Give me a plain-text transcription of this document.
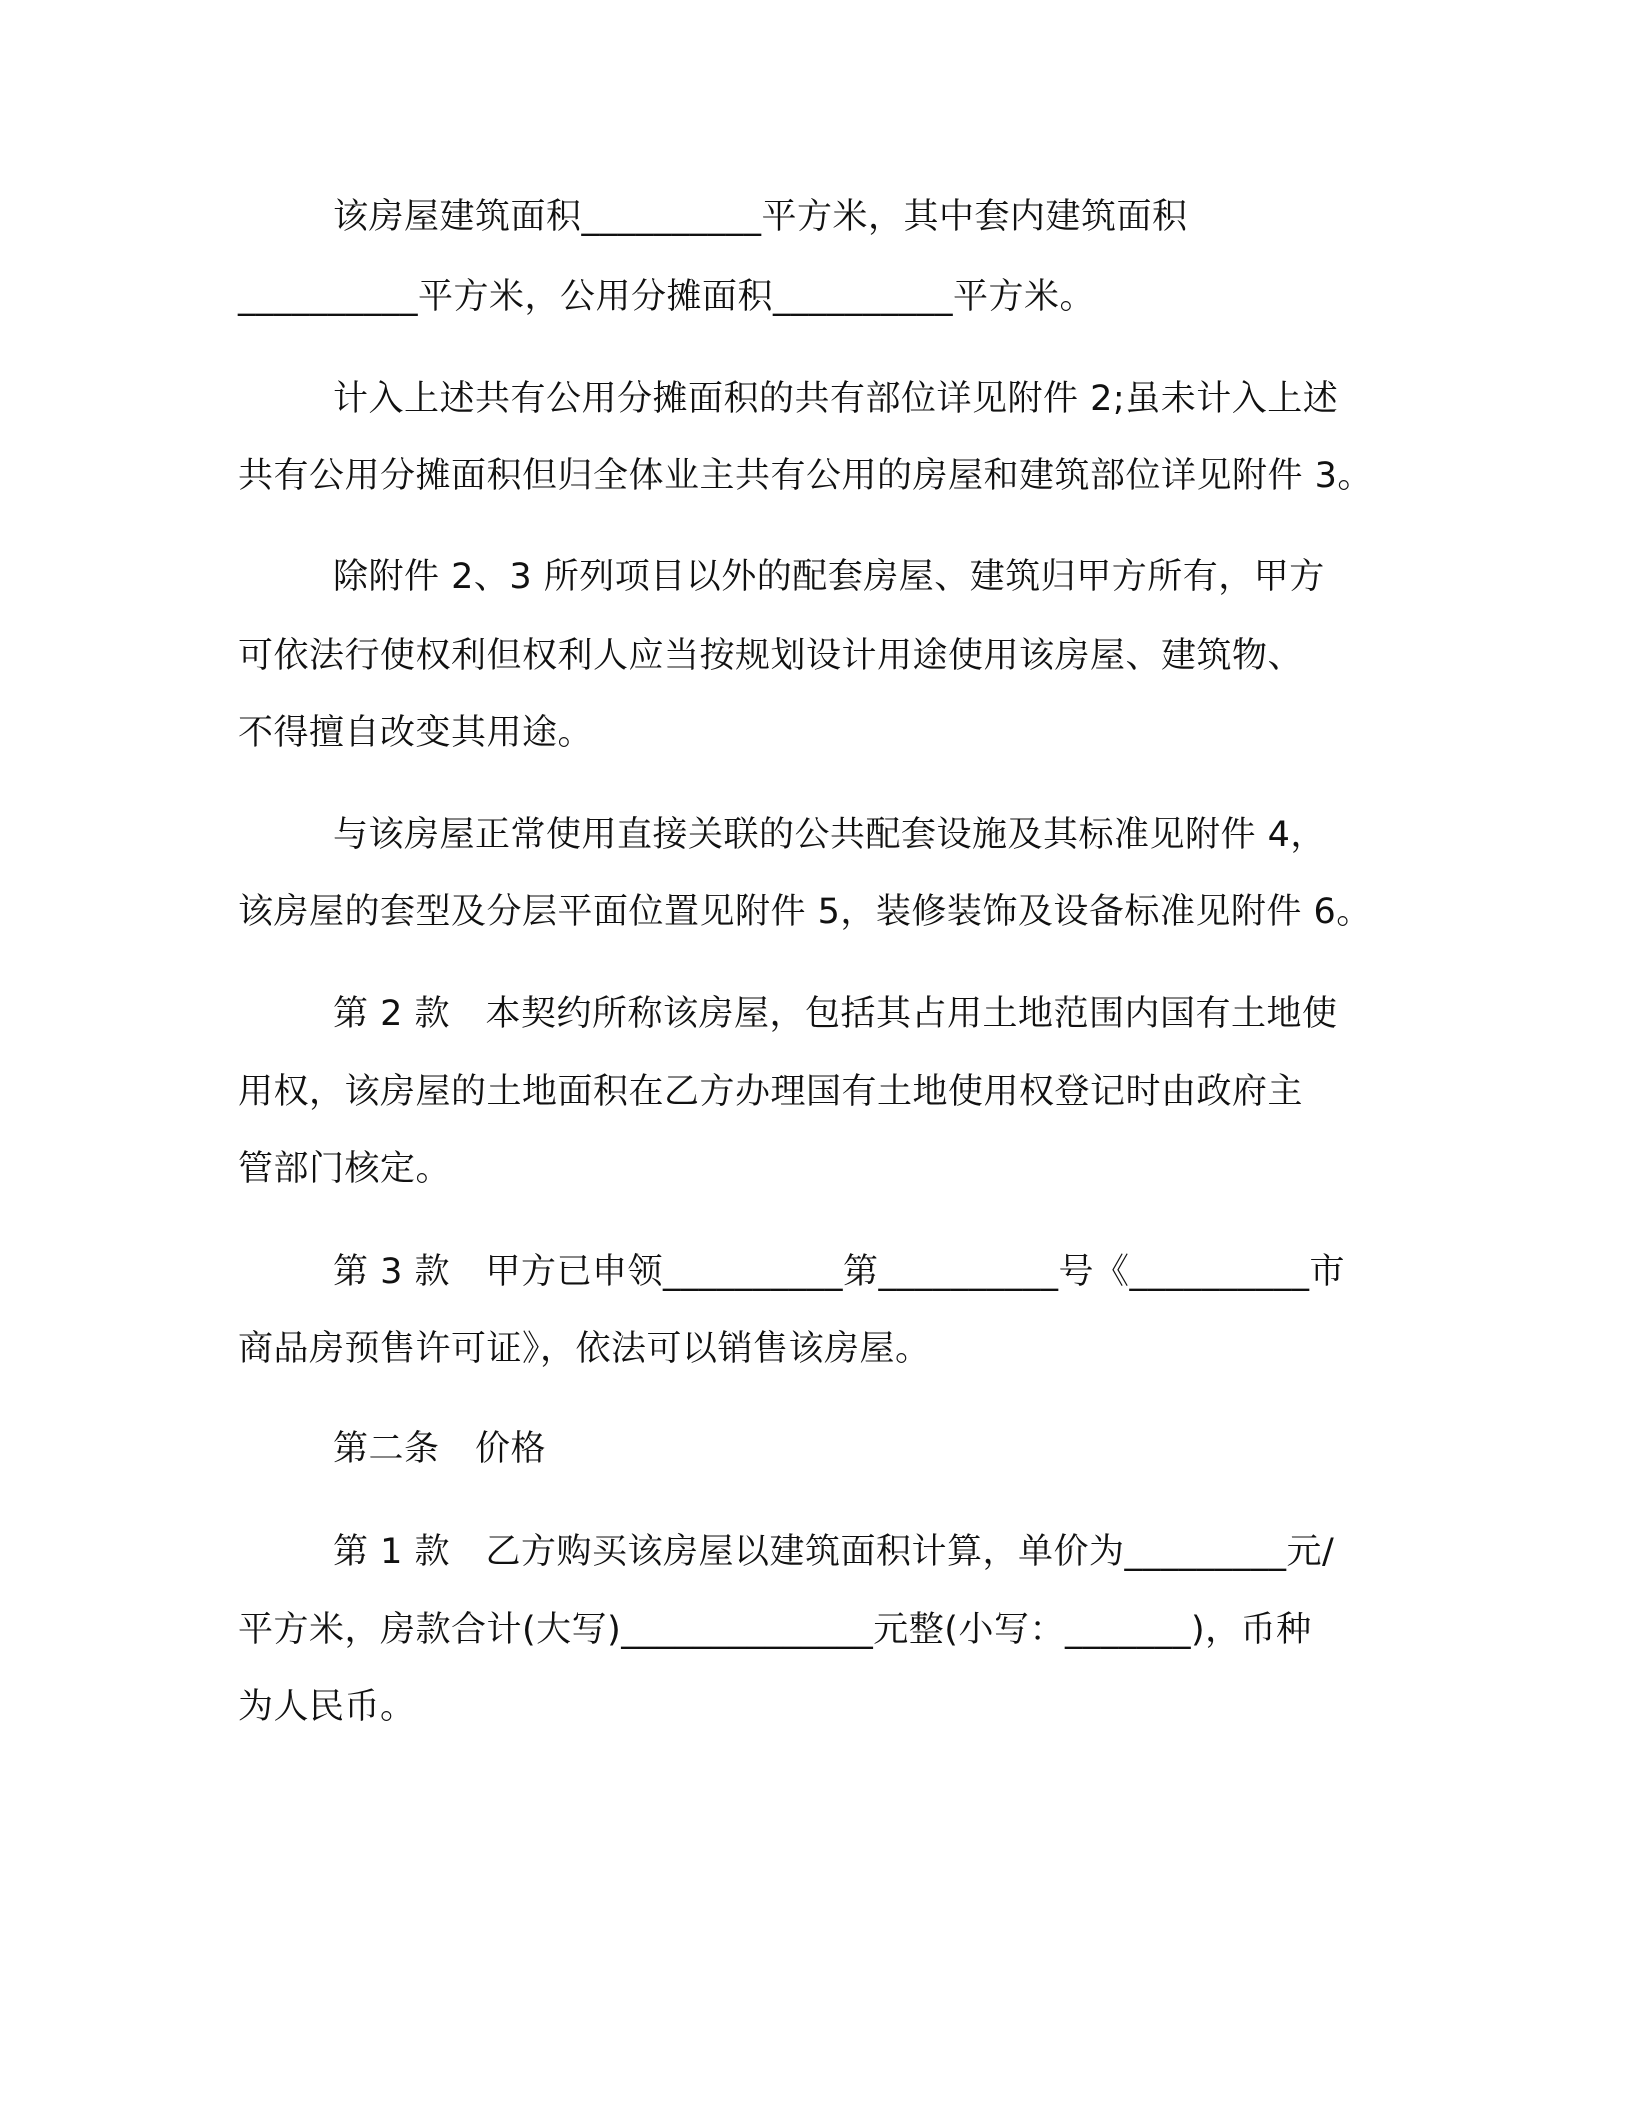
该房屋建筑面积__________平方米，其中套内建筑面积
__________平方米，公用分摊面积__________平方米。
计入上述共有公用分摊面积的共有部位详见附件 2;虽未计入上述
共有公用分摊面积但归全体业主共有公用的房屋和建筑部位详见附件 3。
除附件 2、3 所列项目以外的配套房屋、建筑归甲方所有，甲方
可依法行使权利但权利人应当按规划设计用途使用该房屋、建筑物、
不得擅自改变其用途。
与该房屋正常使用直接关联的公共配套设施及其标准见附件 4，
该房屋的套型及分层平面位置见附件 5，装修装饰及设备标准见附件 6。
第 2 款　本契约所称该房屋，包括其占用土地范围内国有土地使
用权，该房屋的土地面积在乙方办理国有土地使用权登记时由政府主
管部门核定。
第 3 款　甲方已申领__________第__________号《__________市
商品房预售许可证》，依法可以销售该房屋。
第二条　价格
第 1 款　乙方购买该房屋以建筑面积计算，单价为_________元/
平方米，房款合计(大写)______________元整(小写：_______)，币种
为人民币。
